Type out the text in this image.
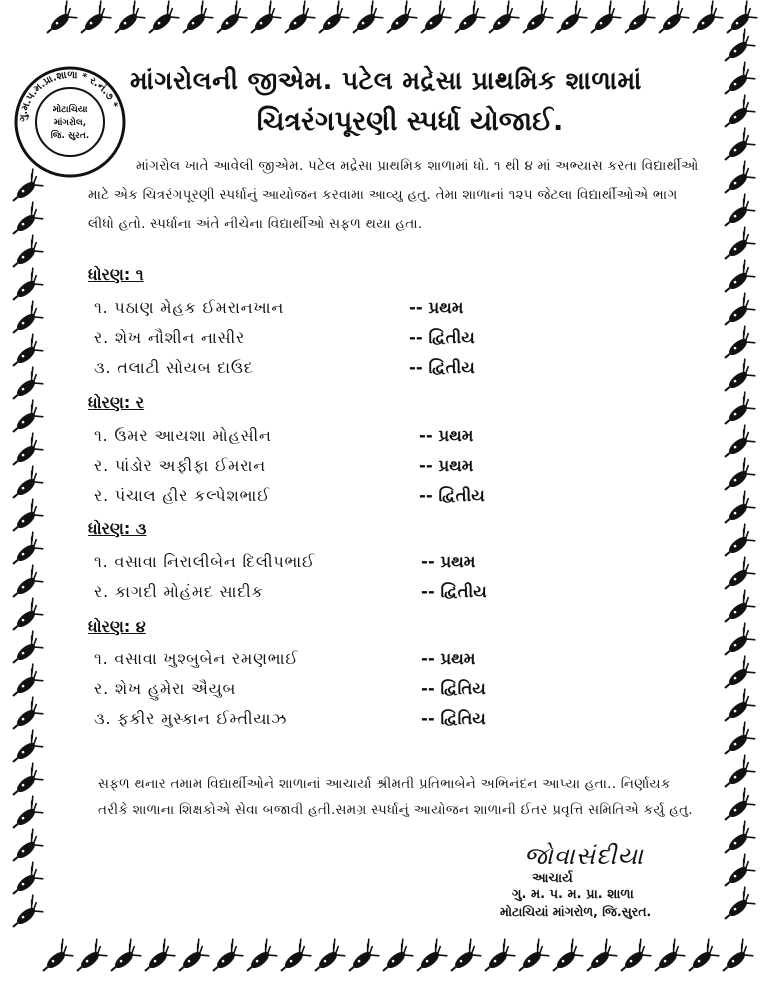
ગુ.મ.પ.મ.પ્રા.શાળા * ર.નં.૭ *
મોટાચિયા
માંગરોલ,
જિ. સુરત.
માંગરોલની જીએમ. પટેલ મદ્રેસા પ્રાથમિક શાળામાં
ચિત્રરંગપૂરણી સ્પર્ધા યોજાઈ.
માંગરોલ ખાતે આવેલી જીએમ. પટેલ મદ્રેસા પ્રાથમિક શાળામાં ધો. ૧ થી ૪ માં અભ્યાસ કરતા વિદ્યાર્થીઓ માટે એક ચિત્રરંગપૂરણી સ્પર્ધાનું આયોજન કરવામા આવ્યુ હતુ. તેમા શાળાનાં ૧૨૫ જેટલા વિદ્યાર્થીઓએ ભાગ લીધો હતો. સ્પર્ધાના અંતે નીચેના વિદ્યાર્થીઓ સફળ થયા હતા.
ધોરણ: ૧
૧. પઠાણ મેહક ઈમરાનખાન	-- પ્રથમ
ર. શેખ નૌશીન નાસીર	-- દ્વિતીય
૩. તલાટી સોયબ દાઉદ	-- દ્વિતીય
ધોરણ: ર
૧. ઉમર આયશા મોહસીન	-- પ્રથમ
ર. પાંડોર અફીફા ઈમરાન	-- પ્રથમ
ર. પંચાલ હીર કલ્પેશભાઈ	-- દ્વિતીય
ધોરણ: ૩
૧. વસાવા નિરાલીબેન દિલીપભાઈ	-- પ્રથમ
ર. કાગદી મોહંમદ સાદીક	-- દ્વિતીય
ધોરણ: ૪
૧. વસાવા ખુશ્બુબેન રમણભાઈ	-- પ્રથમ
ર. શેખ હુમેરા ઐયુબ	-- દ્વિતિય
૩. ફકીર મુસ્કાન ઈમ્તીયાઝ	-- દ્વિતિય
સફળ થનાર તમામ વિદ્યાર્થીઓને શાળાનાં આચાર્યા શ્રીમતી પ્રતિભાબેને અભિનંદન આપ્યા હતા.. નિર્ણાયક તરીકે શાળાના શિક્ષકોએ સેવા બજાવી હતી.સમગ્ર સ્પર્ધાનું આયોજન શાળાની ઈતર પ્રવૃત્તિ સમિતિએ કર્યુ હતુ.
જોવાસંદીયા
આચાર્ય
ગુ. મ. પ. મ. પ્રા. શાળા
મોટાચિયાં માંગરોળ, જિ.સુરત.
